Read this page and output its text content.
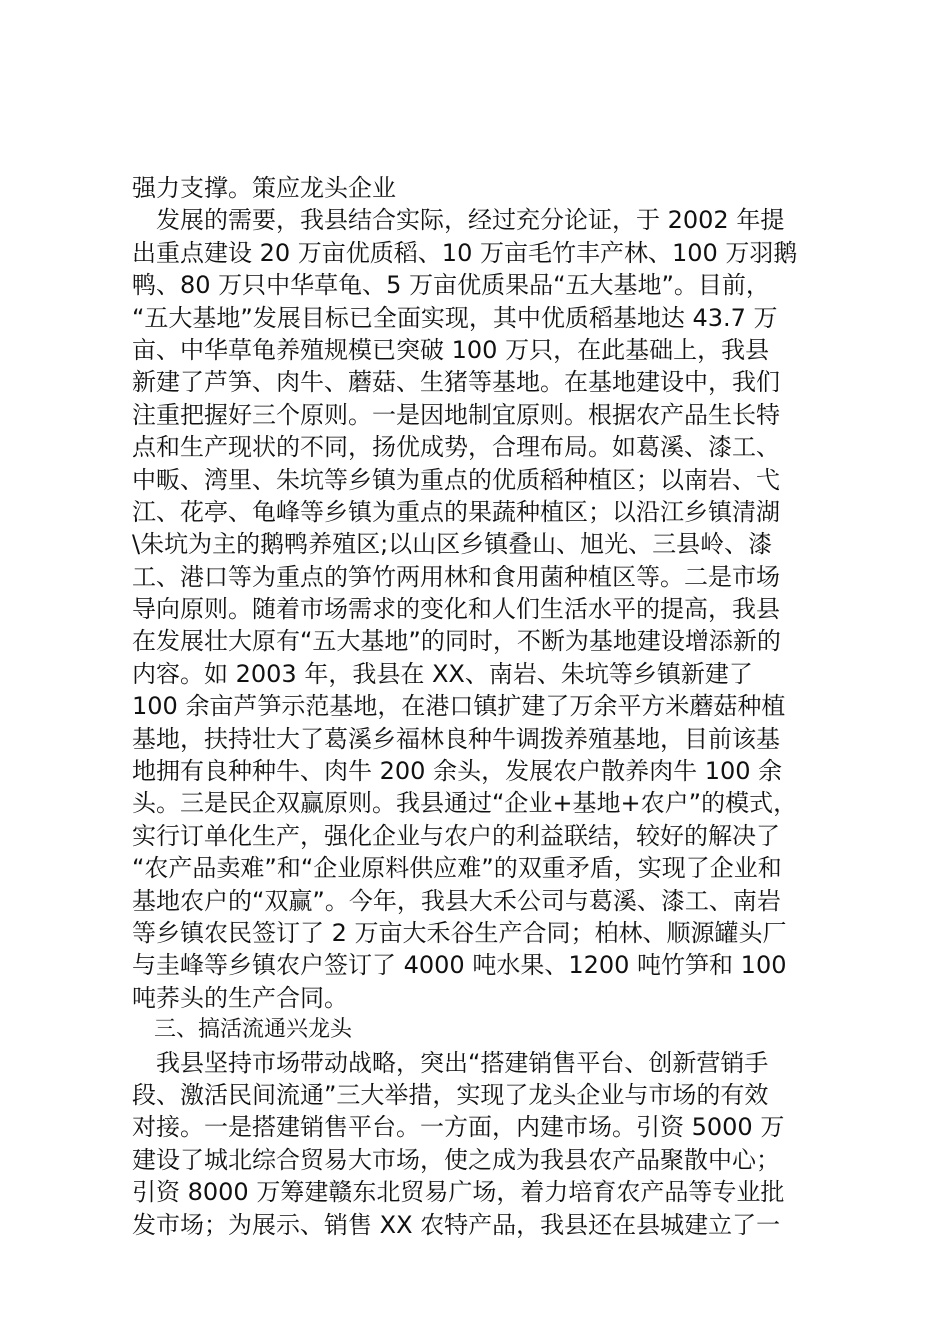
强力支撑。策应龙头企业
　发展的需要，我县结合实际，经过充分论证，于 2002 年提
出重点建设 20 万亩优质稻、10 万亩毛竹丰产林、100 万羽鹅
鸭、80 万只中华草龟、5 万亩优质果品“五大基地”。目前，
“五大基地”发展目标已全面实现，其中优质稻基地达 43.7 万
亩、中华草龟养殖规模已突破 100 万只，在此基础上，我县
新建了芦笋、肉牛、蘑菇、生猪等基地。在基地建设中，我们
注重把握好三个原则。一是因地制宜原则。根据农产品生长特
点和生产现状的不同，扬优成势，合理布局。如葛溪、漆工、
中畈、湾里、朱坑等乡镇为重点的优质稻种植区；以南岩、弋
江、花亭、龟峰等乡镇为重点的果蔬种植区；以沿江乡镇清湖
\朱坑为主的鹅鸭养殖区;以山区乡镇叠山、旭光、三县岭、漆
工、港口等为重点的笋竹两用林和食用菌种植区等。二是市场
导向原则。随着市场需求的变化和人们生活水平的提高，我县
在发展壮大原有“五大基地”的同时，不断为基地建设增添新的
内容。如 2003 年，我县在 XX、南岩、朱坑等乡镇新建了
100 余亩芦笋示范基地，在港口镇扩建了万余平方米蘑菇种植
基地，扶持壮大了葛溪乡福林良种牛调拨养殖基地，目前该基
地拥有良种种牛、肉牛 200 余头，发展农户散养肉牛 100 余
头。三是民企双赢原则。我县通过“企业+基地+农户”的模式，
实行订单化生产，强化企业与农户的利益联结，较好的解决了
“农产品卖难”和“企业原料供应难”的双重矛盾，实现了企业和
基地农户的“双赢”。今年，我县大禾公司与葛溪、漆工、南岩
等乡镇农民签订了 2 万亩大禾谷生产合同；柏林、顺源罐头厂
与圭峰等乡镇农户签订了 4000 吨水果、1200 吨竹笋和 100
吨荞头的生产合同。
　三、搞活流通兴龙头
　我县坚持市场带动战略，突出“搭建销售平台、创新营销手
段、激活民间流通”三大举措，实现了龙头企业与市场的有效
对接。一是搭建销售平台。一方面，内建市场。引资 5000 万
建设了城北综合贸易大市场，使之成为我县农产品聚散中心；
引资 8000 万筹建赣东北贸易广场，着力培育农产品等专业批
发市场；为展示、销售 XX 农特产品，我县还在县城建立了一
